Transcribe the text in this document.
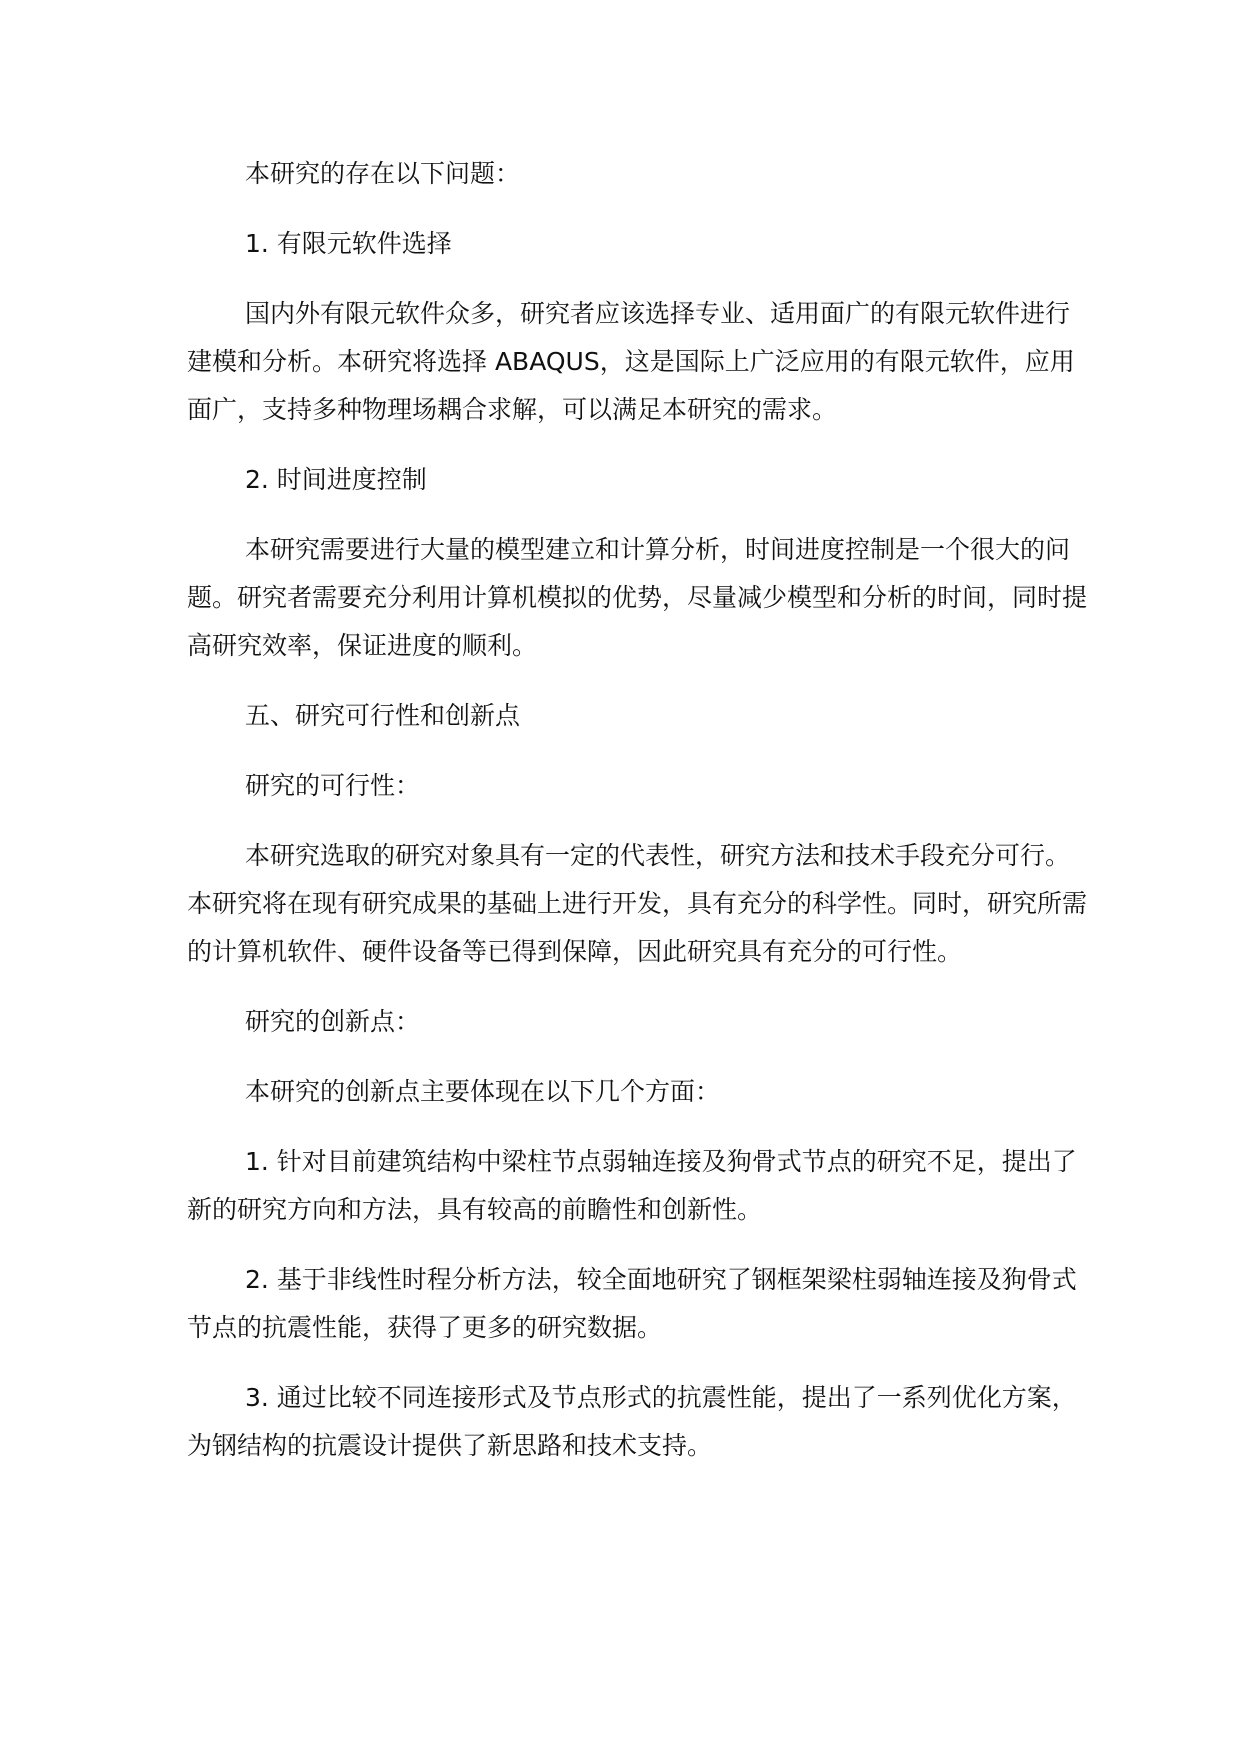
本研究的存在以下问题：

1. 有限元软件选择

国内外有限元软件众多，研究者应该选择专业、适用面广的有限元软件进行建模和分析。本研究将选择 ABAQUS，这是国际上广泛应用的有限元软件，应用面广，支持多种物理场耦合求解，可以满足本研究的需求。

2. 时间进度控制

本研究需要进行大量的模型建立和计算分析，时间进度控制是一个很大的问题。研究者需要充分利用计算机模拟的优势，尽量减少模型和分析的时间，同时提高研究效率，保证进度的顺利。

五、研究可行性和创新点

研究的可行性：

本研究选取的研究对象具有一定的代表性，研究方法和技术手段充分可行。本研究将在现有研究成果的基础上进行开发，具有充分的科学性。同时，研究所需的计算机软件、硬件设备等已得到保障，因此研究具有充分的可行性。

研究的创新点：

本研究的创新点主要体现在以下几个方面：

1. 针对目前建筑结构中梁柱节点弱轴连接及狗骨式节点的研究不足，提出了新的研究方向和方法，具有较高的前瞻性和创新性。

2. 基于非线性时程分析方法，较全面地研究了钢框架梁柱弱轴连接及狗骨式节点的抗震性能，获得了更多的研究数据。

3. 通过比较不同连接形式及节点形式的抗震性能，提出了一系列优化方案，为钢结构的抗震设计提供了新思路和技术支持。
